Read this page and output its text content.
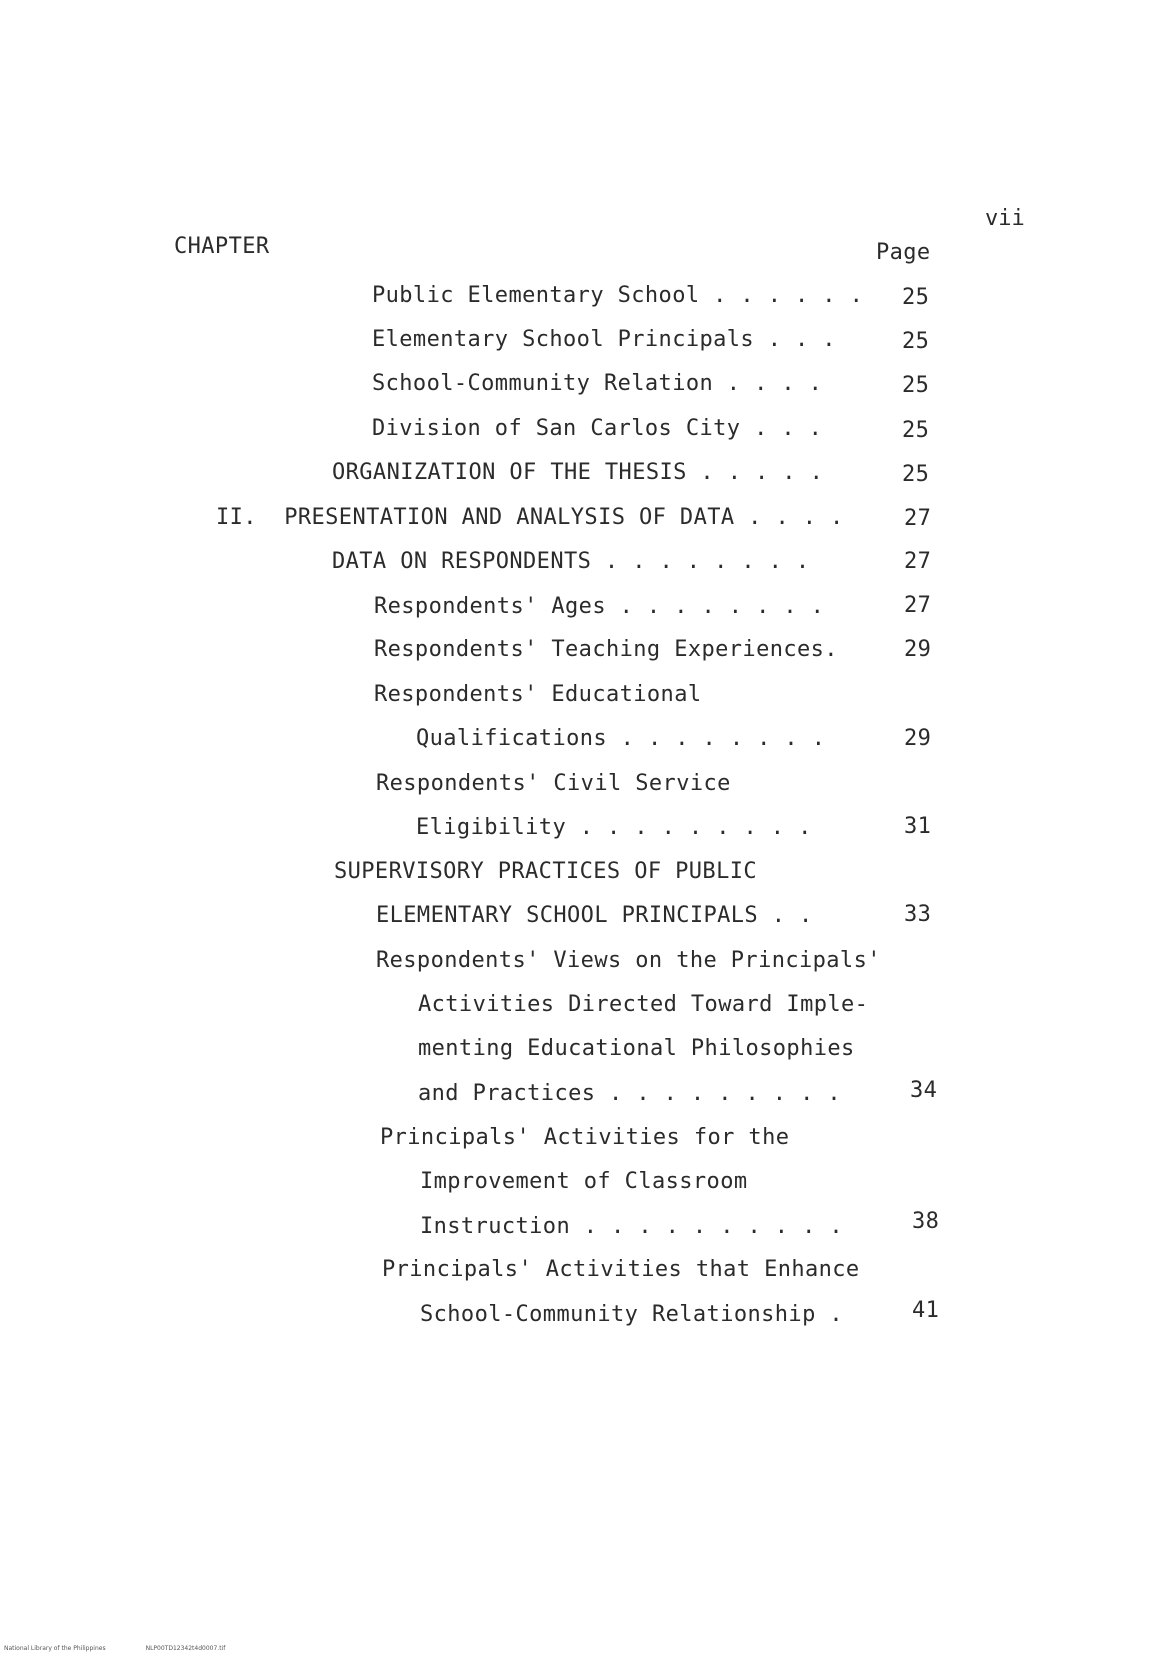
vii
CHAPTER	Page
Public Elementary School . . . . . . 25
Elementary School Principals . . .	25
School-Community Relation . . . .	25
Division of San Carlos City . . .	25
ORGANIZATION OF THE THESIS . . . . .	25
II.  PRESENTATION AND ANALYSIS OF DATA . . . .	27
DATA ON RESPONDENTS . . . . . . . .	27
Respondents' Ages . . . . . . . .	27
Respondents' Teaching Experiences.	29
Respondents' Educational
Qualifications . . . . . . . .	29
Respondents' Civil Service
Eligibility . . . . . . . . .	31
SUPERVISORY PRACTICES OF PUBLIC
ELEMENTARY SCHOOL PRINCIPALS . .	33
Respondents' Views on the Principals'
Activities Directed Toward Imple-
menting Educational Philosophies
and Practices . . . . . . . . .	34
Principals' Activities for the
Improvement of Classroom
Instruction . . . . . . . . . .	38
Principals' Activities that Enhance
School-Community Relationship .	41
National Library of the Philippines	NLP00TD12342t4d0007.tif
